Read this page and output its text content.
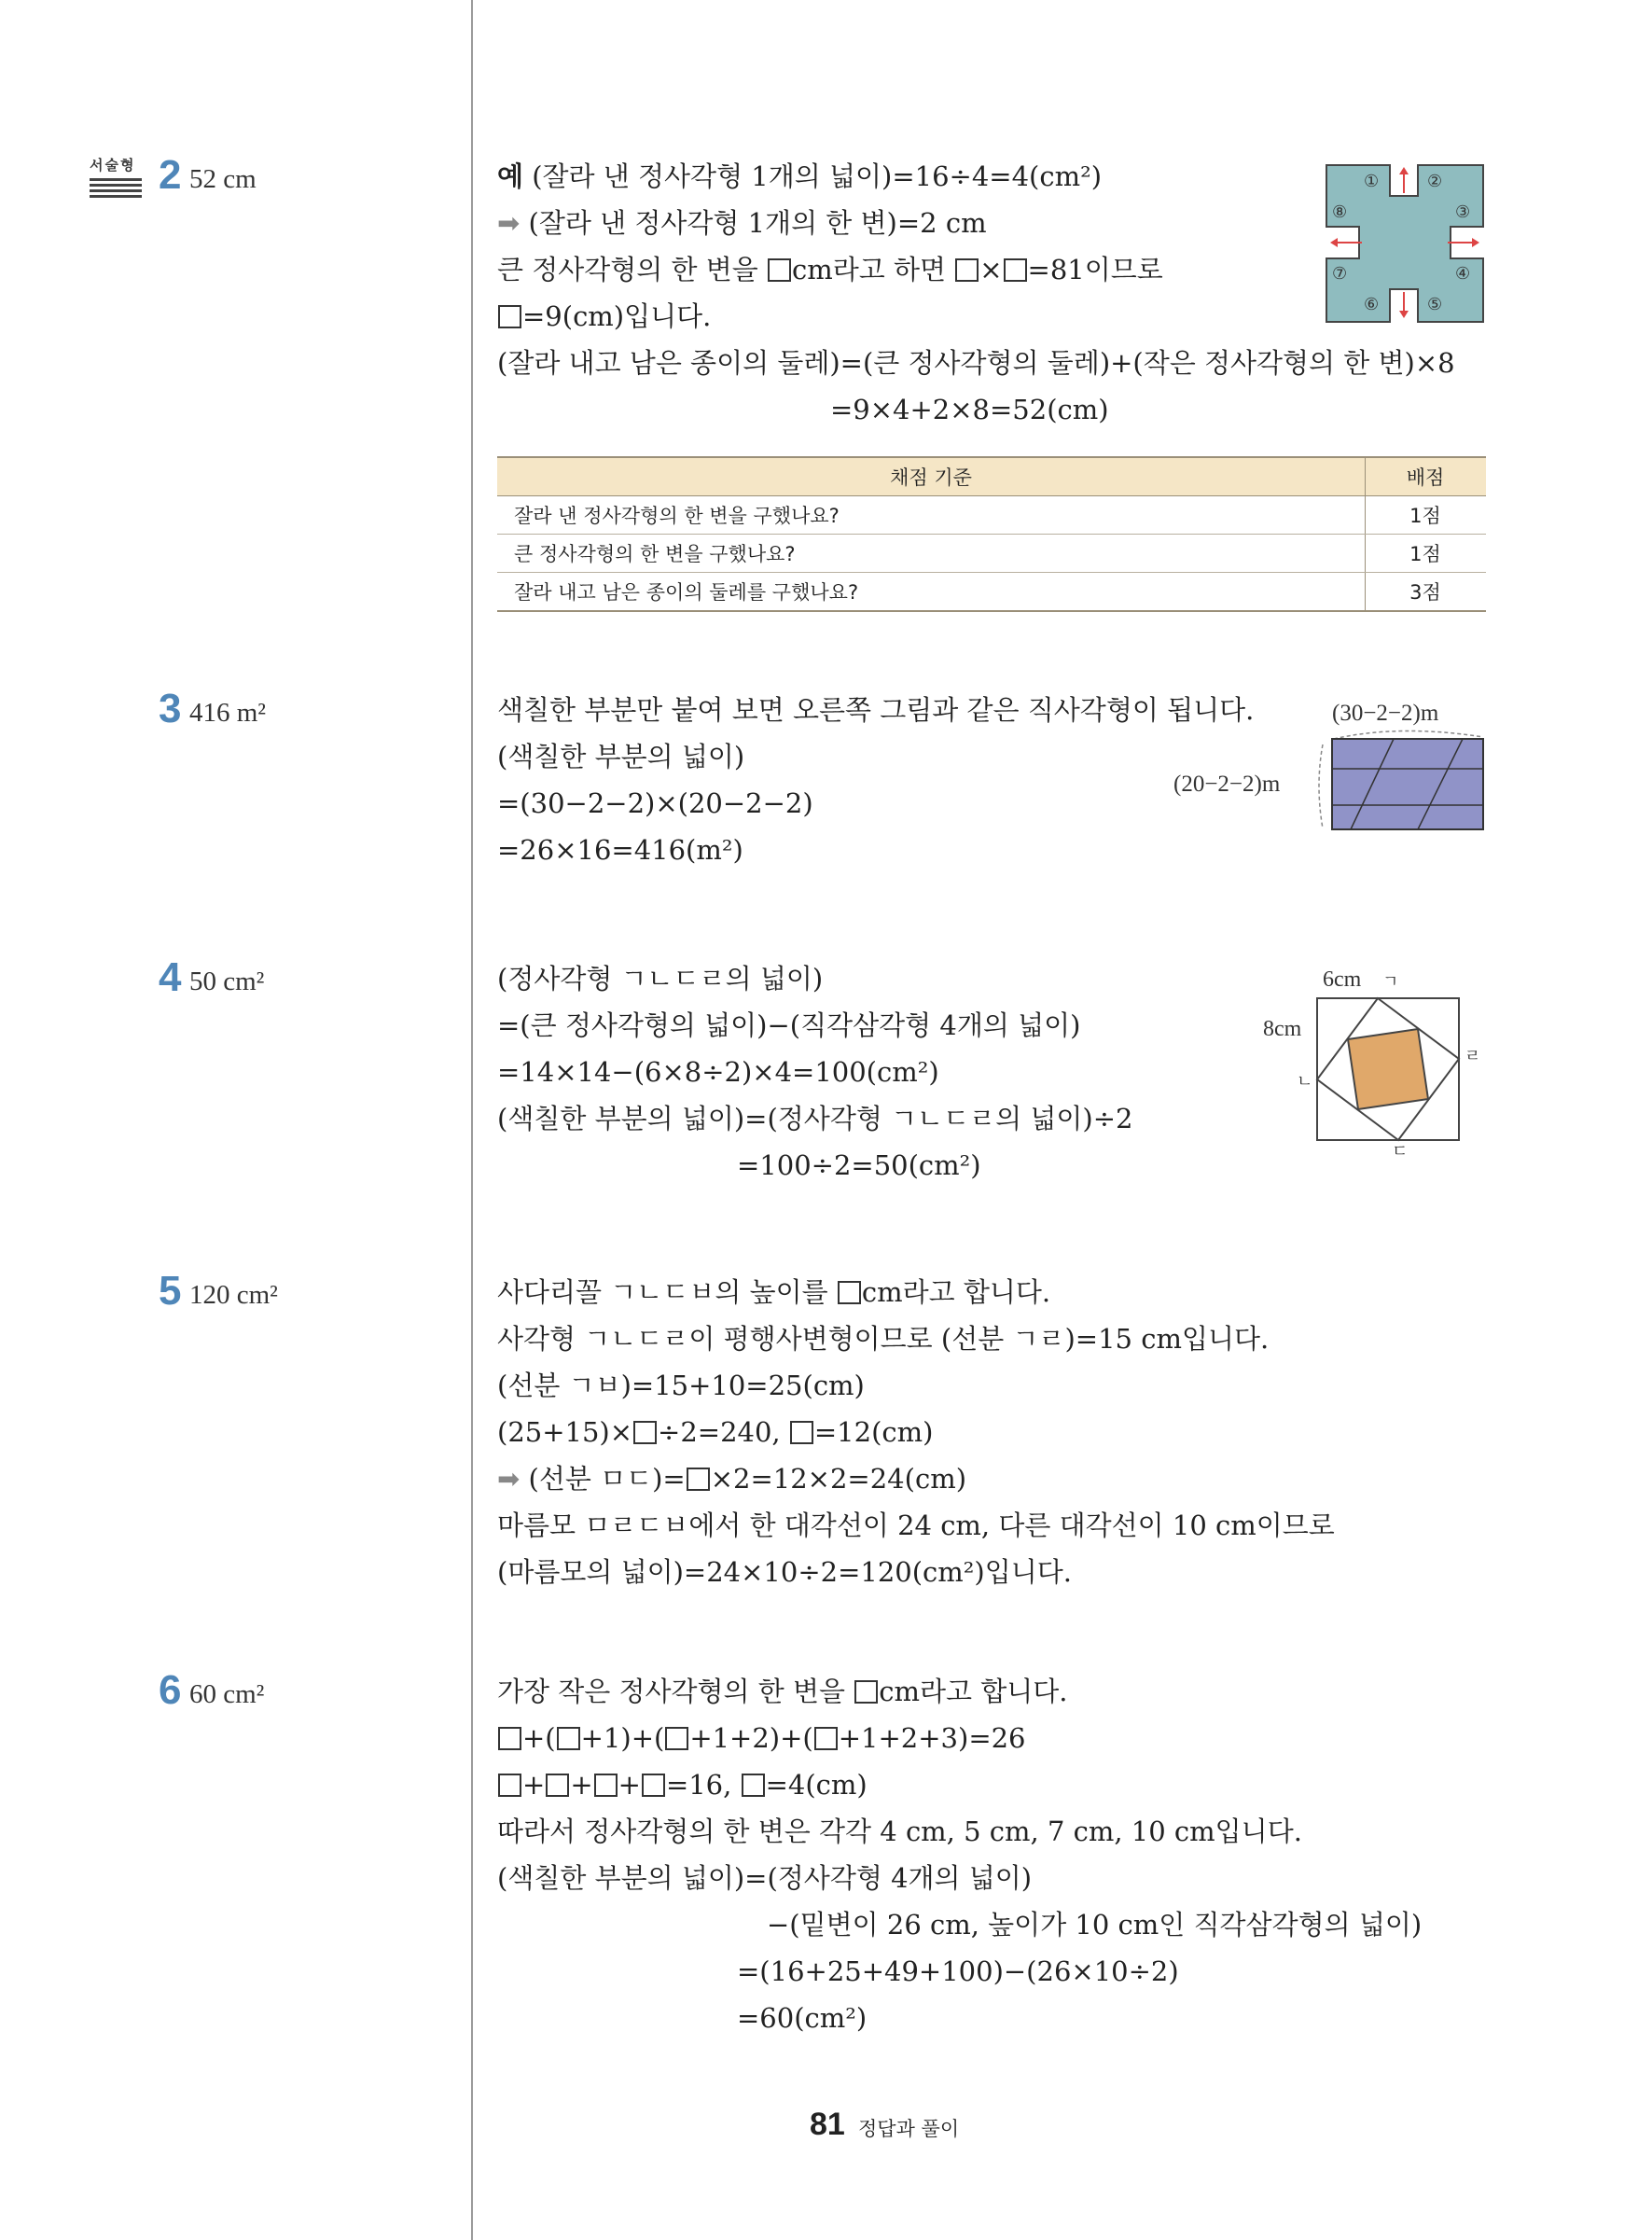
서술형 2 52 cm	예 (잘라 낸 정사각형 1개의 넓이)=16÷4=4(cm²)
➡ (잘라 낸 정사각형 1개의 한 변)=2 cm
큰 정사각형의 한 변을 cm라고 하면 × =81이므로
=9(cm)입니다.
(잘라 내고 남은 종이의 둘레)=(큰 정사각형의 둘레)+(작은 정사각형의 한 변)×8
=9×4+2×8=52(cm)
①	②
③
④
⑤
⑥
⑦
⑧
채점 기준	배점
잘라 낸 정사각형의 한 변을 구했나요?	1점
큰 정사각형의 한 변을 구했나요?	1점
잘라 내고 남은 종이의 둘레를 구했나요?	3점
3 416 m²	색칠한 부분만 붙여 보면 오른쪽 그림과 같은 직사각형이 됩니다.
(색칠한 부분의 넓이)
=(30−2−2)×(20−2−2)
=26×16=416(m²)
(30−2−2)m
(20−2−2)m
4 50 cm²	(정사각형 ㄱㄴㄷㄹ의 넓이)
=(큰 정사각형의 넓이)−(직각삼각형 4개의 넓이)
=14×14−(6×8÷2)×4=100(cm²)
(색칠한 부분의 넓이)=(정사각형 ㄱㄴㄷㄹ의 넓이)÷2
=100÷2=50(cm²)
6cm ㄱ
8cm
ㄴ
ㄹ
ㄷ
5 120 cm²	사다리꼴 ㄱㄴㄷㅂ의 높이를 cm라고 합니다.
사각형 ㄱㄴㄷㄹ이 평행사변형이므로 (선분 ㄱㄹ)=15 cm입니다.
(선분 ㄱㅂ)=15+10=25(cm)
(25+15)× ÷2=240, =12(cm)
➡ (선분 ㅁㄷ)= ×2=12×2=24(cm)
마름모 ㅁㄹㄷㅂ에서 한 대각선이 24 cm, 다른 대각선이 10 cm이므로
(마름모의 넓이)=24×10÷2=120(cm²)입니다.
6 60 cm²	가장 작은 정사각형의 한 변을 cm라고 합니다.
+( +1)+( +1+2)+( +1+2+3)=26
+ + + =16, =4(cm)
따라서 정사각형의 한 변은 각각 4 cm, 5 cm, 7 cm, 10 cm입니다.
(색칠한 부분의 넓이)=(정사각형 4개의 넓이)
−(밑변이 26 cm, 높이가 10 cm인 직각삼각형의 넓이)
=(16+25+49+100)−(26×10÷2)
=60(cm²)
81 정답과 풀이
